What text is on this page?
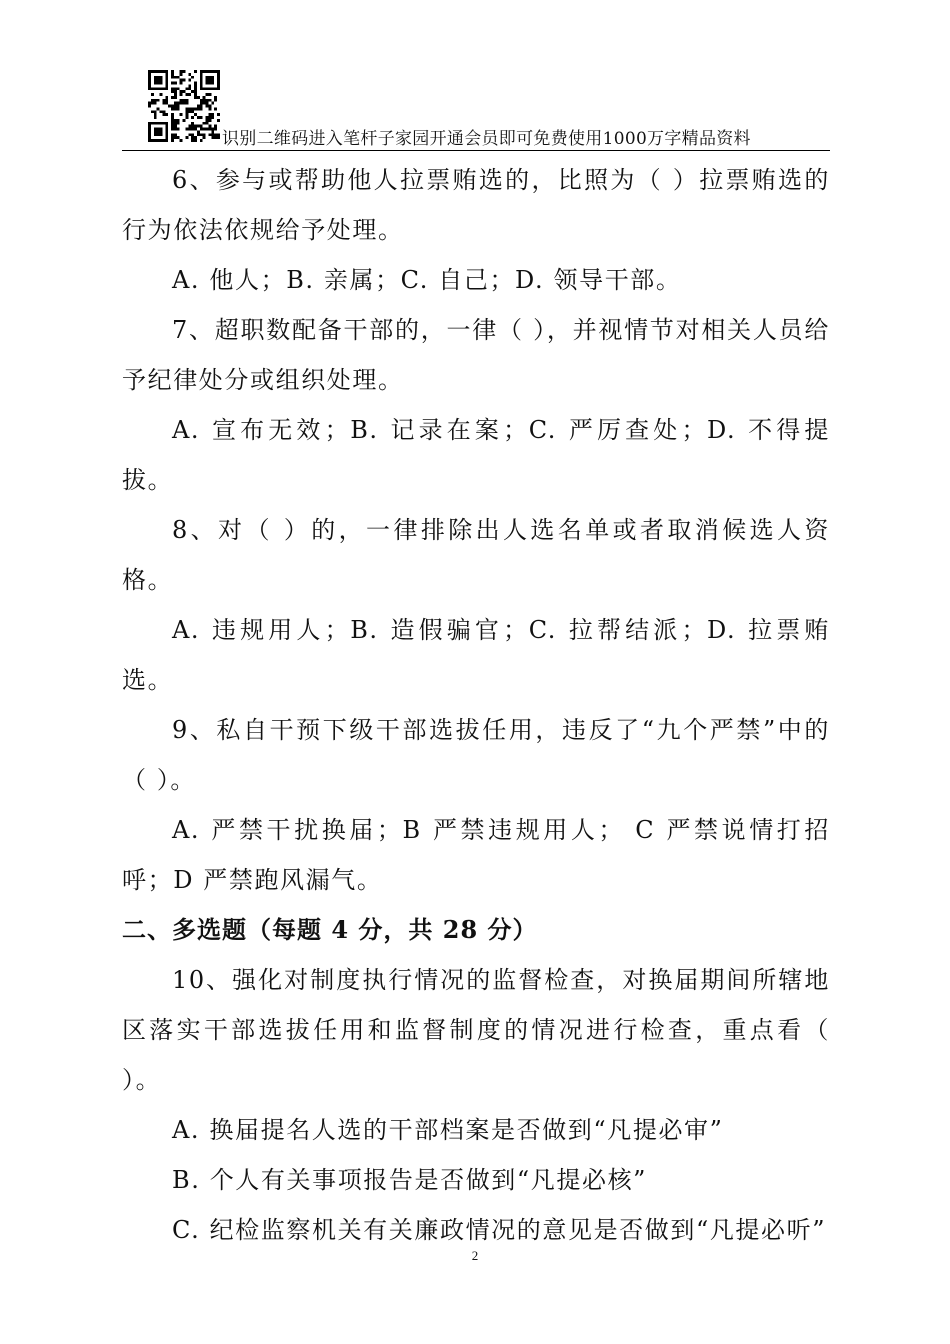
识别二维码进入笔杆子家园开通会员即可免费使用1000万字精品资料

6、参与或帮助他人拉票贿选的，比照为（ ）拉票贿选的行为依法依规给予处理。

A. 他人；B. 亲属；C. 自己；D. 领导干部。

7、超职数配备干部的，一律（ ），并视情节对相关人员给予纪律处分或组织处理。

A. 宣布无效；B. 记录在案；C. 严厉查处；D. 不得提拔。

8、对（ ）的，一律排除出人选名单或者取消候选人资格。

A. 违规用人；B. 造假骗官；C. 拉帮结派；D. 拉票贿选。

9、私自干预下级干部选拔任用，违反了“九个严禁”中的（ ）。

A. 严禁干扰换届；B 严禁违规用人； C 严禁说情打招呼；D 严禁跑风漏气。

二、多选题（每题 4 分，共 28 分）

10、强化对制度执行情况的监督检查，对换届期间所辖地区落实干部选拔任用和监督制度的情况进行检查，重点看（ ）。

A. 换届提名人选的干部档案是否做到“凡提必审”

B. 个人有关事项报告是否做到“凡提必核”

C. 纪检监察机关有关廉政情况的意见是否做到“凡提必听”

2
